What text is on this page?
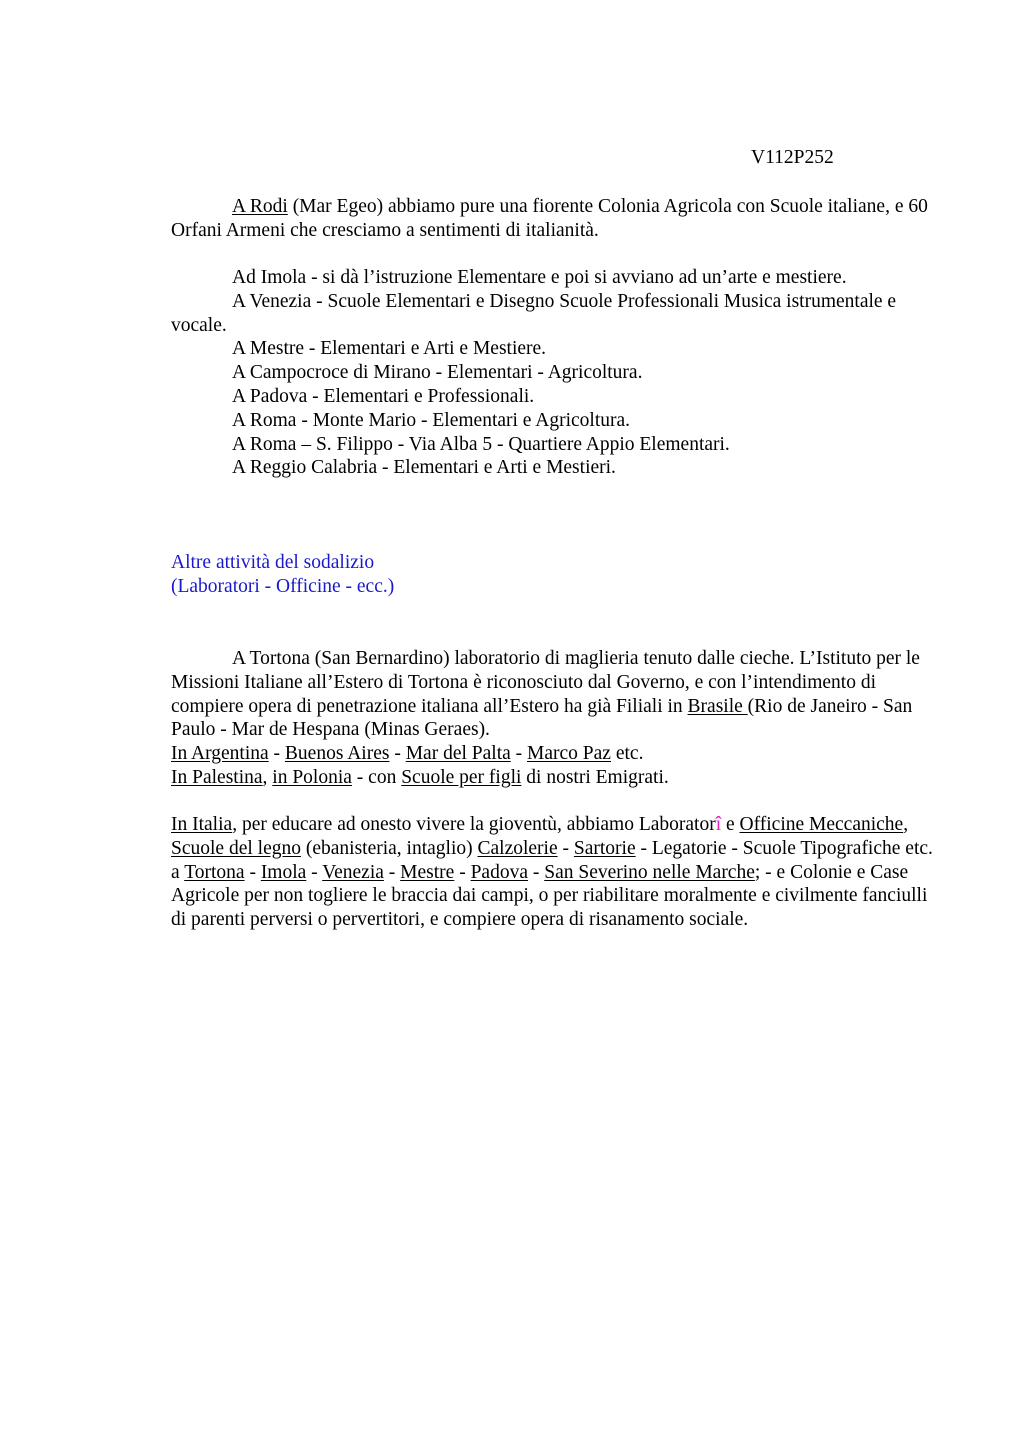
V112P252

A Rodi (Mar Egeo) abbiamo pure una fiorente Colonia Agricola con Scuole italiane, e 60 Orfani Armeni che cresciamo a sentimenti di italianità.

Ad Imola - si dà l’istruzione Elementare e poi si avviano ad un’arte e mestiere.

A Venezia - Scuole Elementari e Disegno Scuole Professionali Musica istrumentale e vocale.

A Mestre - Elementari e Arti e Mestiere.

A Campocroce di Mirano - Elementari - Agricoltura.

A Padova - Elementari e Professionali.

A Roma - Monte Mario - Elementari e Agricoltura.

A Roma – S. Filippo - Via Alba 5 - Quartiere Appio Elementari.

A Reggio Calabria - Elementari e Arti e Mestieri.

Altre attività del sodalizio

(Laboratori - Officine - ecc.)

A Tortona (San Bernardino) laboratorio di maglieria tenuto dalle cieche. L’Istituto per le Missioni Italiane all’Estero di Tortona è riconosciuto dal Governo, e con l’intendimento di compiere opera di penetrazione italiana all’Estero ha già Filiali in Brasile (Rio de Janeiro - San Paulo - Mar de Hespana (Minas Geraes).

In Argentina - Buenos Aires - Mar del Palta - Marco Paz etc.

In Palestina, in Polonia - con Scuole per figli di nostri Emigrati.

In Italia, per educare ad onesto vivere la gioventù, abbiamo Laboratorî e Officine Meccaniche, Scuole del legno (ebanisteria, intaglio) Calzolerie - Sartorie - Legatorie - Scuole Tipografiche etc. a Tortona - Imola - Venezia - Mestre - Padova - San Severino nelle Marche; - e Colonie e Case Agricole per non togliere le braccia dai campi, o per riabilitare moralmente e civilmente fanciulli di parenti perversi o pervertitori, e compiere opera di risanamento sociale.
